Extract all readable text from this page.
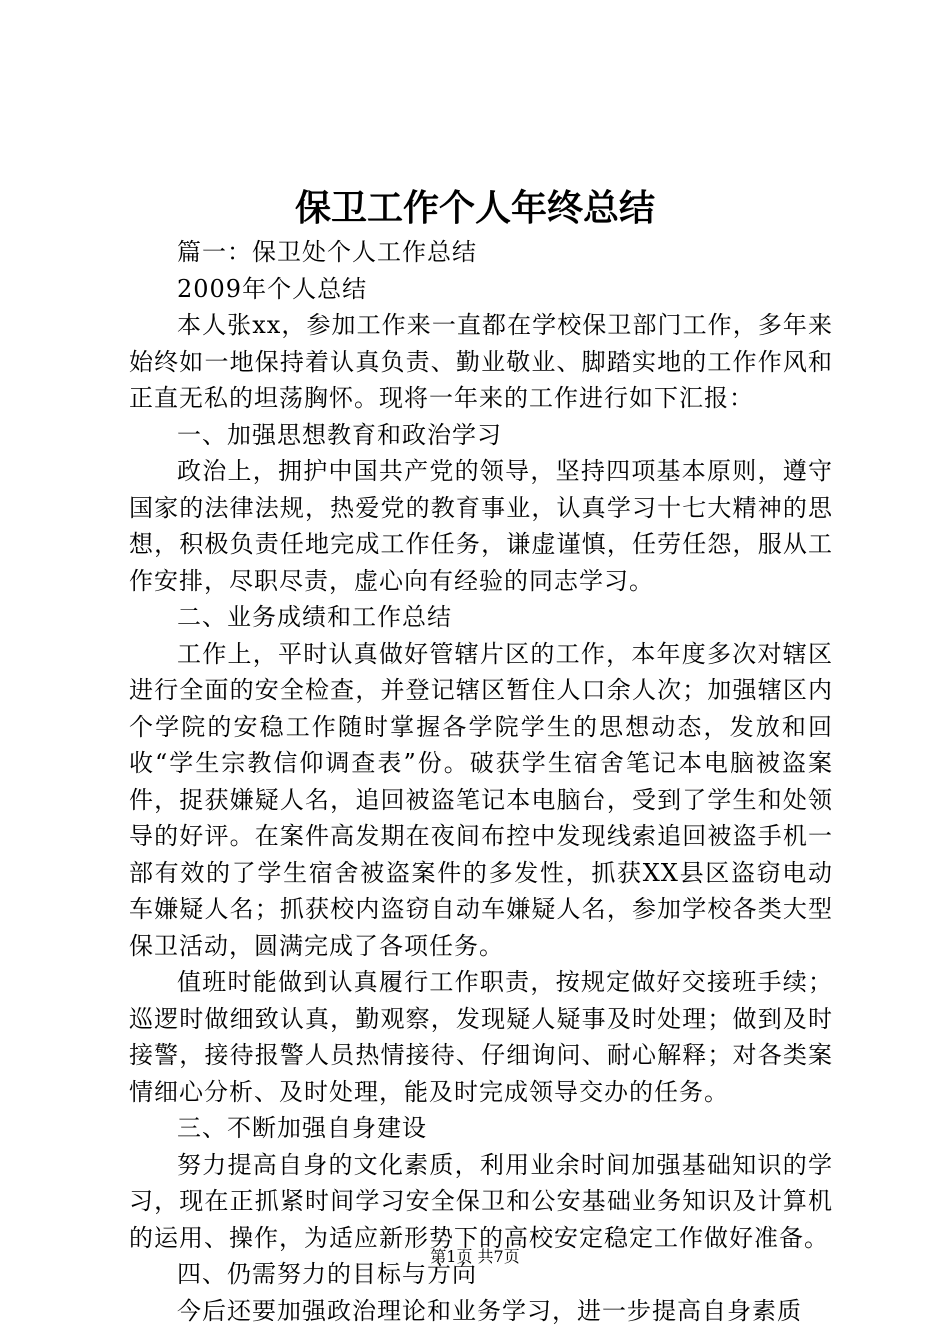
保卫工作个人年终总结

篇一：保卫处个人工作总结

2009年个人总结

本人张xx，参加工作来一直都在学校保卫部门工作，多年来始终如一地保持着认真负责、勤业敬业、脚踏实地的工作作风和正直无私的坦荡胸怀。现将一年来的工作进行如下汇报：

一、加强思想教育和政治学习

政治上，拥护中国共产党的领导，坚持四项基本原则，遵守国家的法律法规，热爱党的教育事业，认真学习十七大精神的思想，积极负责任地完成工作任务，谦虚谨慎，任劳任怨，服从工作安排，尽职尽责，虚心向有经验的同志学习。

二、业务成绩和工作总结

工作上，平时认真做好管辖片区的工作，本年度多次对辖区进行全面的安全检查，并登记辖区暂住人口余人次；加强辖区内个学院的安稳工作随时掌握各学院学生的思想动态，发放和回收“学生宗教信仰调查表”份。破获学生宿舍笔记本电脑被盗案件，捉获嫌疑人名，追回被盗笔记本电脑台，受到了学生和处领导的好评。在案件高发期在夜间布控中发现线索追回被盗手机一部有效的了学生宿舍被盗案件的多发性，抓获XX县区盗窃电动车嫌疑人名；抓获校内盗窃自动车嫌疑人名，参加学校各类大型保卫活动，圆满完成了各项任务。

值班时能做到认真履行工作职责，按规定做好交接班手续；巡逻时做细致认真，勤观察，发现疑人疑事及时处理；做到及时接警，接待报警人员热情接待、仔细询问、耐心解释；对各类案情细心分析、及时处理，能及时完成领导交办的任务。

三、不断加强自身建设

努力提高自身的文化素质，利用业余时间加强基础知识的学习，现在正抓紧时间学习安全保卫和公安基础业务知识及计算机的运用、操作，为适应新形势下的高校安定稳定工作做好准备。

四、仍需努力的目标与方向

今后还要加强政治理论和业务学习，进一步提高自身素质

第1页 共7页
